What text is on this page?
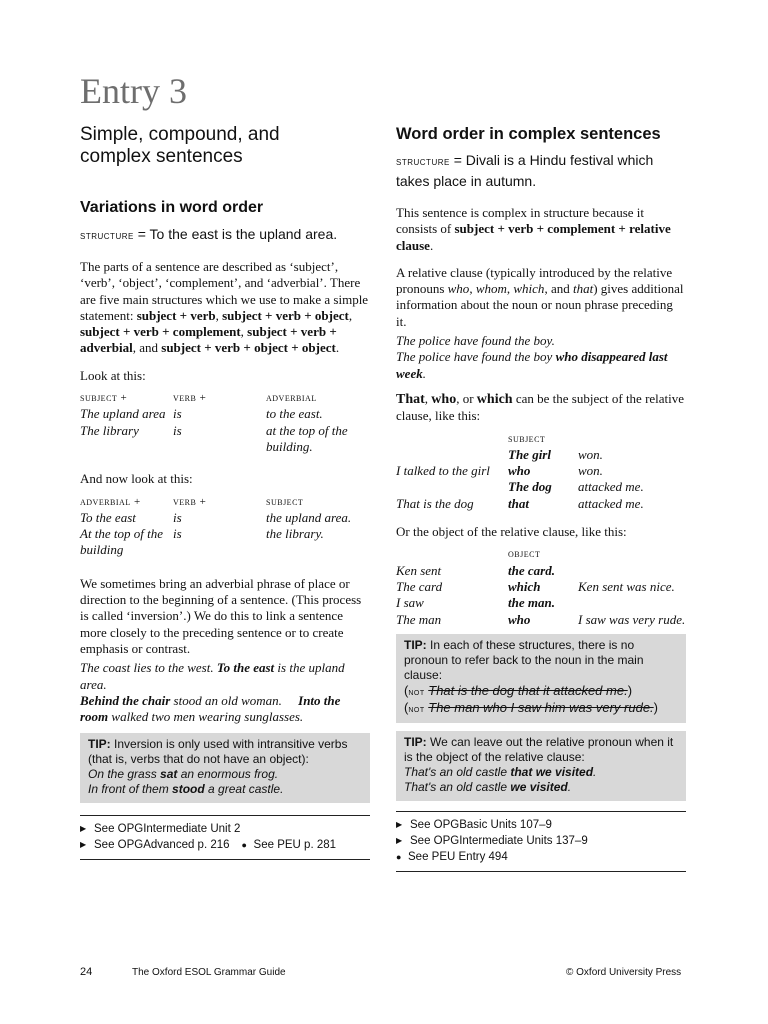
Entry 3
Simple, compound, and
complex sentences
Variations in word order
structure = To the east is the upland area.

The parts of a sentence are described as ‘subject’, ‘verb’, ‘object’, ‘complement’, and ‘adverbial’. There are five main structures which we use to make a simple statement: subject + verb, subject + verb + object, subject + verb + complement, subject + verb + adverbial, and subject + verb + object + object.

Look at this:

subject +	verb +	adverbial
The upland area	is	to the east.
The library	is	at the top of the building.

And now look at this:

adverbial +	verb +	subject
To the east	is	the upland area.
At the top of the building	is	the library.

We sometimes bring an adverbial phrase of place or direction to the beginning of a sentence. (This process is called ‘inversion’.) We do this to link a sentence more closely to the preceding sentence or to create emphasis or contrast.

The coast lies to the west. To the east is the upland area.

Behind the chair stood an old woman. Into the room walked two men wearing sunglasses.

TIP: Inversion is only used with intransitive verbs (that is, verbs that do not have an object):
On the grass sat an enormous frog.
In front of them stood a great castle.
▶ See OPGIntermediate Unit 2
▶ See OPGAdvanced p. 216 ● See PEU p. 281
Word order in complex sentences
structure = Divali is a Hindu festival which takes place in autumn.

This sentence is complex in structure because it consists of subject + verb + complement + relative clause.

A relative clause (typically introduced by the relative pronouns who, whom, which, and that) gives additional information about the noun or noun phrase preceding it.

The police have found the boy.

The police have found the boy who disappeared last week.

That, who, or which can be the subject of the relative clause, like this:

	subject	
	The girl	won.
I talked to the girl	who	won.
	The dog	attacked me.
That is the dog	that	attacked me.

Or the object of the relative clause, like this:

	object	
Ken sent	the card.	
The card	which	Ken sent was nice.
I saw	the man.	
The man	who	I saw was very rude.
TIP: In each of these structures, there is no pronoun to refer back to the noun in the main clause:
(not That is the dog that it attacked me.)
(not The man who I saw him was very rude.)
TIP: We can leave out the relative pronoun when it is the object of the relative clause:
That's an old castle that we visited.
That's an old castle we visited.
▶ See OPGBasic Units 107–9
▶ See OPGIntermediate Units 137–9
● See PEU Entry 494
24	The Oxford ESOL Grammar Guide	© Oxford University Press
